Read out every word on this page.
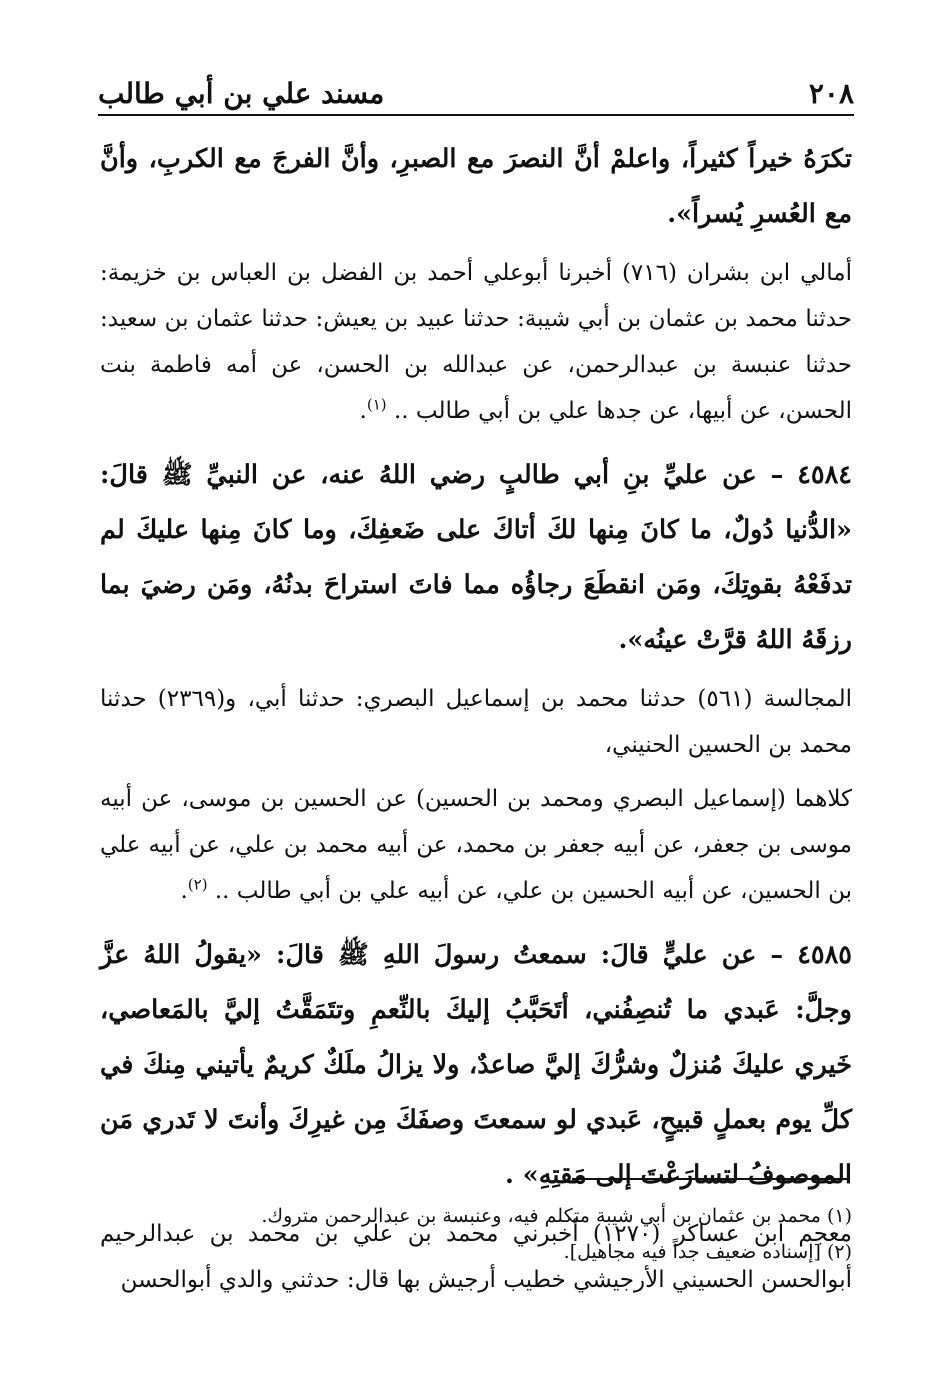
٢٠٨
مسند علي بن أبي طالب

تكرَهُ خيراً كثيراً، واعلمْ أنَّ النصرَ مع الصبرِ، وأنَّ الفرجَ مع الكربِ، وأنَّ مع العُسرِ يُسراً».

أمالي ابن بشران (٧١٦) أخبرنا أبوعلي أحمد بن الفضل بن العباس بن خزيمة: حدثنا محمد بن عثمان بن أبي شيبة: حدثنا عبيد بن يعيش: حدثنا عثمان بن سعيد: حدثنا عنبسة بن عبدالرحمن، عن عبدالله بن الحسن، عن أمه فاطمة بنت الحسن، عن أبيها، عن جدها علي بن أبي طالب .. $^{(١)}$.

٤٥٨٤ – عن عليِّ بنِ أبي طالبٍ رضي اللهُ عنه، عن النبيِّ ﷺ قالَ: «الدُّنيا دُولٌ، ما كانَ مِنها لكَ أتاكَ على ضَعفِكَ، وما كانَ مِنها عليكَ لم تدفَعْهُ بقوتِكَ، ومَن انقطَعَ رجاؤُه مما فاتَ استراحَ بدنُهُ، ومَن رضيَ بما رزقَهُ اللهُ قرَّتْ عينُه».

المجالسة (٥٦١) حدثنا محمد بن إسماعيل البصري: حدثنا أبي، و(٢٣٦٩) حدثنا محمد بن الحسين الحنيني،

كلاهما (إسماعيل البصري ومحمد بن الحسين) عن الحسين بن موسى، عن أبيه موسى بن جعفر، عن أبيه جعفر بن محمد، عن أبيه محمد بن علي، عن أبيه علي بن الحسين، عن أبيه الحسين بن علي، عن أبيه علي بن أبي طالب .. $^{(٢)}$.

٤٥٨٥ – عن عليٍّ قالَ: سمعتُ رسولَ اللهِ ﷺ قالَ: «يقولُ اللهُ عزَّ وجلَّ: عَبدي ما تُنصِفُني، أتَحَبَّبُ إليكَ بالنِّعمِ وتتَمَقَّتُ إليَّ بالمَعاصي، خَيري عليكَ مُنزلٌ وشرُّكَ إليَّ صاعدٌ، ولا يزالُ ملَكٌ كريمٌ يأتيني مِنكَ في كلِّ يوم بعملٍ قبيحٍ، عَبدي لو سمعتَ وصفَكَ مِن غيرِكَ وأنتَ لا تَدري مَن الموصوفُ لتسارَعْتَ إلى مَقتِهِ» .

معجم ابن عساكر (١٢٧٠) أخبرني محمد بن علي بن محمد بن عبدالرحيم أبوالحسن الحسيني الأرجيشي خطيب أرجيش بها قال: حدثني والدي أبوالحسن

(١) محمد بن عثمان بن أبي شيبة متكلم فيه، وعنبسة بن عبدالرحمن متروك.

(٢) [إسناده ضعيف جداً فيه مجاهيل].
